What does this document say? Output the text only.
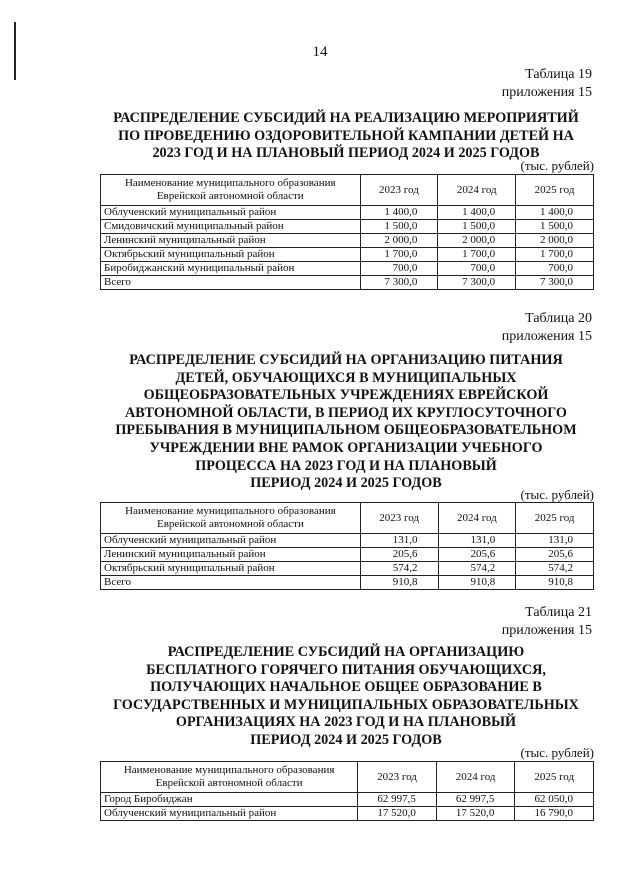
14
Таблица 19
приложения 15
РАСПРЕДЕЛЕНИЕ СУБСИДИЙ НА РЕАЛИЗАЦИЮ МЕРОПРИЯТИЙ
ПО ПРОВЕДЕНИЮ ОЗДОРОВИТЕЛЬНОЙ КАМПАНИИ ДЕТЕЙ НА
2023 ГОД И НА ПЛАНОВЫЙ ПЕРИОД 2024 И 2025 ГОДОВ
(тыс. рублей)
Наименование муниципального образования
Еврейской автономной области	2023 год	2024 год	2025 год
Облученский муниципальный район	1 400,0	1 400,0	1 400,0
Смидовичский муниципальный район	1 500,0	1 500,0	1 500,0
Ленинский муниципальный район	2 000,0	2 000,0	2 000,0
Октябрьский муниципальный район	1 700,0	1 700,0	1 700,0
Биробиджанский муниципальный район	700,0	700,0	700,0
Всего	7 300,0	7 300,0	7 300,0
Таблица 20
приложения 15
РАСПРЕДЕЛЕНИЕ СУБСИДИЙ НА ОРГАНИЗАЦИЮ ПИТАНИЯ
ДЕТЕЙ, ОБУЧАЮЩИХСЯ В МУНИЦИПАЛЬНЫХ
ОБЩЕОБРАЗОВАТЕЛЬНЫХ УЧРЕЖДЕНИЯХ ЕВРЕЙСКОЙ
АВТОНОМНОЙ ОБЛАСТИ, В ПЕРИОД ИХ КРУГЛОСУТОЧНОГО
ПРЕБЫВАНИЯ В МУНИЦИПАЛЬНОМ ОБЩЕОБРАЗОВАТЕЛЬНОМ
УЧРЕЖДЕНИИ ВНЕ РАМОК ОРГАНИЗАЦИИ УЧЕБНОГО
ПРОЦЕССА НА 2023 ГОД И НА ПЛАНОВЫЙ
ПЕРИОД 2024 И 2025 ГОДОВ
(тыс. рублей)
Наименование муниципального образования
Еврейской автономной области	2023 год	2024 год	2025 год
Облученский муниципальный район	131,0	131,0	131,0
Ленинский муниципальный район	205,6	205,6	205,6
Октябрьский муниципальный район	574,2	574,2	574,2
Всего	910,8	910,8	910,8
Таблица 21
приложения 15
РАСПРЕДЕЛЕНИЕ СУБСИДИЙ НА ОРГАНИЗАЦИЮ
БЕСПЛАТНОГО ГОРЯЧЕГО ПИТАНИЯ ОБУЧАЮЩИХСЯ,
ПОЛУЧАЮЩИХ НАЧАЛЬНОЕ ОБЩЕЕ ОБРАЗОВАНИЕ В
ГОСУДАРСТВЕННЫХ И МУНИЦИПАЛЬНЫХ ОБРАЗОВАТЕЛЬНЫХ
ОРГАНИЗАЦИЯХ НА 2023 ГОД И НА ПЛАНОВЫЙ
ПЕРИОД 2024 И 2025 ГОДОВ
(тыс. рублей)
Наименование муниципального образования
Еврейской автономной области	2023 год	2024 год	2025 год
Город Биробиджан	62 997,5	62 997,5	62 050,0
Облученский муниципальный район	17 520,0	17 520,0	16 790,0
